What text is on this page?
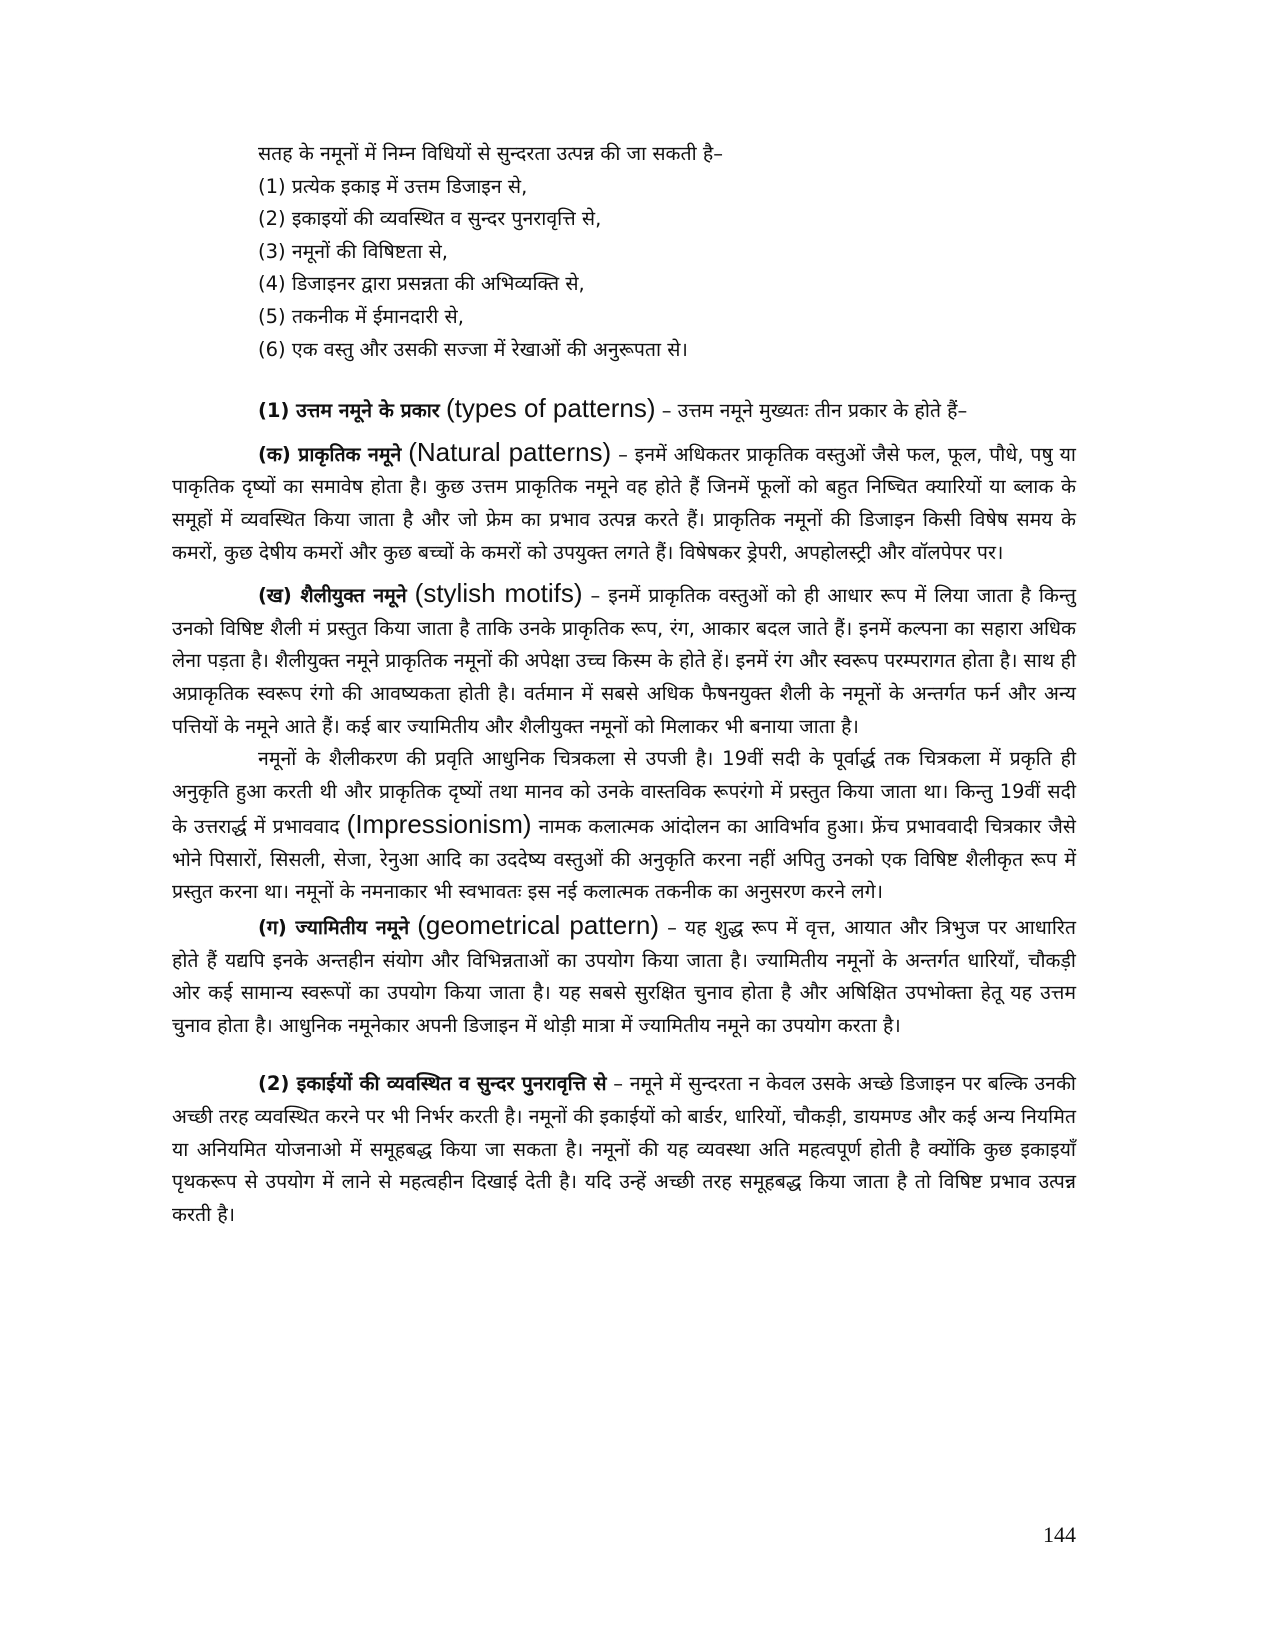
सतह के नमूनों में निम्न विधियों से सुन्दरता उत्पन्न की जा सकती है–
(1) प्रत्येक इकाइ में उत्तम डिजाइन से,
(2) इकाइयों की व्यवस्थित व सुन्दर पुनरावृत्ति से,
(3) नमूनों की विषिष्टता से,
(4) डिजाइनर द्वारा प्रसन्नता की अभिव्यक्ति से,
(5) तकनीक में ईमानदारी से,
(6) एक वस्तु और उसकी सज्जा में रेखाओं की अनुरूपता से।

(1) उत्तम नमूने के प्रकार (types of patterns) – उत्तम नमूने मुख्यतः तीन प्रकार के होते हैं–

(क) प्राकृतिक नमूने (Natural patterns) – इनमें अधिकतर प्राकृतिक वस्तुओं जैसे फल, फूल, पौधे, पषु या पाकृतिक दृष्यों का समावेष होता है। कुछ उत्तम प्राकृतिक नमूने वह होते हैं जिनमें फूलों को बहुत निष्चित क्यारियों या ब्लाक के समूहों में व्यवस्थित किया जाता है और जो फ्रेम का प्रभाव उत्पन्न करते हैं। प्राकृतिक नमूनों की डिजाइन किसी विषेष समय के कमरों, कुछ देषीय कमरों और कुछ बच्चों के कमरों को उपयुक्त लगते हैं। विषेषकर ड्रेपरी, अपहोलस्ट्री और वॉलपेपर पर।

(ख) शैलीयुक्त नमूने (stylish motifs) – इनमें प्राकृतिक वस्तुओं को ही आधार रूप में लिया जाता है किन्तु उनको विषिष्ट शैली मं प्रस्तुत किया जाता है ताकि उनके प्राकृतिक रूप, रंग, आकार बदल जाते हैं। इनमें कल्पना का सहारा अधिक लेना पड़ता है। शैलीयुक्त नमूने प्राकृतिक नमूनों की अपेक्षा उच्च किस्म के होते हें। इनमें रंग और स्वरूप परम्परागत होता है। साथ ही अप्राकृतिक स्वरूप रंगो की आवष्यकता होती है। वर्तमान में सबसे अधिक फैषनयुक्त शैली के नमूनों के अन्तर्गत फर्न और अन्य पत्तियों के नमूने आते हैं। कई बार ज्यामितीय और शैलीयुक्त नमूनों को मिलाकर भी बनाया जाता है।

नमूनों के शैलीकरण की प्रवृति आधुनिक चित्रकला से उपजी है। 19वीं सदी के पूर्वार्द्ध तक चित्रकला में प्रकृति ही अनुकृति हुआ करती थी और प्राकृतिक दृष्यों तथा मानव को उनके वास्तविक रूपरंगो में प्रस्तुत किया जाता था। किन्तु 19वीं सदी के उत्तरार्द्ध में प्रभाववाद (Impressionism) नामक कलात्मक आंदोलन का आविर्भाव हुआ। फ्रेंच प्रभाववादी चित्रकार जैसे भोने पिसारों, सिसली, सेजा, रेनुआ आदि का उददेष्य वस्तुओं की अनुकृति करना नहीं अपितु उनको एक विषिष्ट शैलीकृत रूप में प्रस्तुत करना था। नमूनों के नमनाकार भी स्वभावतः इस नई कलात्मक तकनीक का अनुसरण करने लगे।

(ग) ज्यामितीय नमूने (geometrical pattern) – यह शुद्ध रूप में वृत्त, आयात और त्रिभुज पर आधारित होते हैं यद्यपि इनके अन्तहीन संयोग और विभिन्नताओं का उपयोग किया जाता है। ज्यामितीय नमूनों के अन्तर्गत धारियाँ, चौकड़ी ओर कई सामान्य स्वरूपों का उपयोग किया जाता है। यह सबसे सुरक्षित चुनाव होता है और अषिक्षित उपभोक्ता हेतू यह उत्तम चुनाव होता है। आधुनिक नमूनेकार अपनी डिजाइन में थोड़ी मात्रा में ज्यामितीय नमूने का उपयोग करता है।

(2) इकाईयों की व्यवस्थित व सुन्दर पुनरावृत्ति से – नमूने में सुन्दरता न केवल उसके अच्छे डिजाइन पर बल्कि उनकी अच्छी तरह व्यवस्थित करने पर भी निर्भर करती है। नमूनों की इकाईयों को बार्डर, धारियों, चौकड़ी, डायमण्ड और कई अन्य नियमित या अनियमित योजनाओ में समूहबद्ध किया जा सकता है। नमूनों की यह व्यवस्था अति महत्वपूर्ण होती है क्योंकि कुछ इकाइयाँ पृथकरूप से उपयोग में लाने से महत्वहीन दिखाई देती है। यदि उन्हें अच्छी तरह समूहबद्ध किया जाता है तो विषिष्ट प्रभाव उत्पन्न करती है।

144
